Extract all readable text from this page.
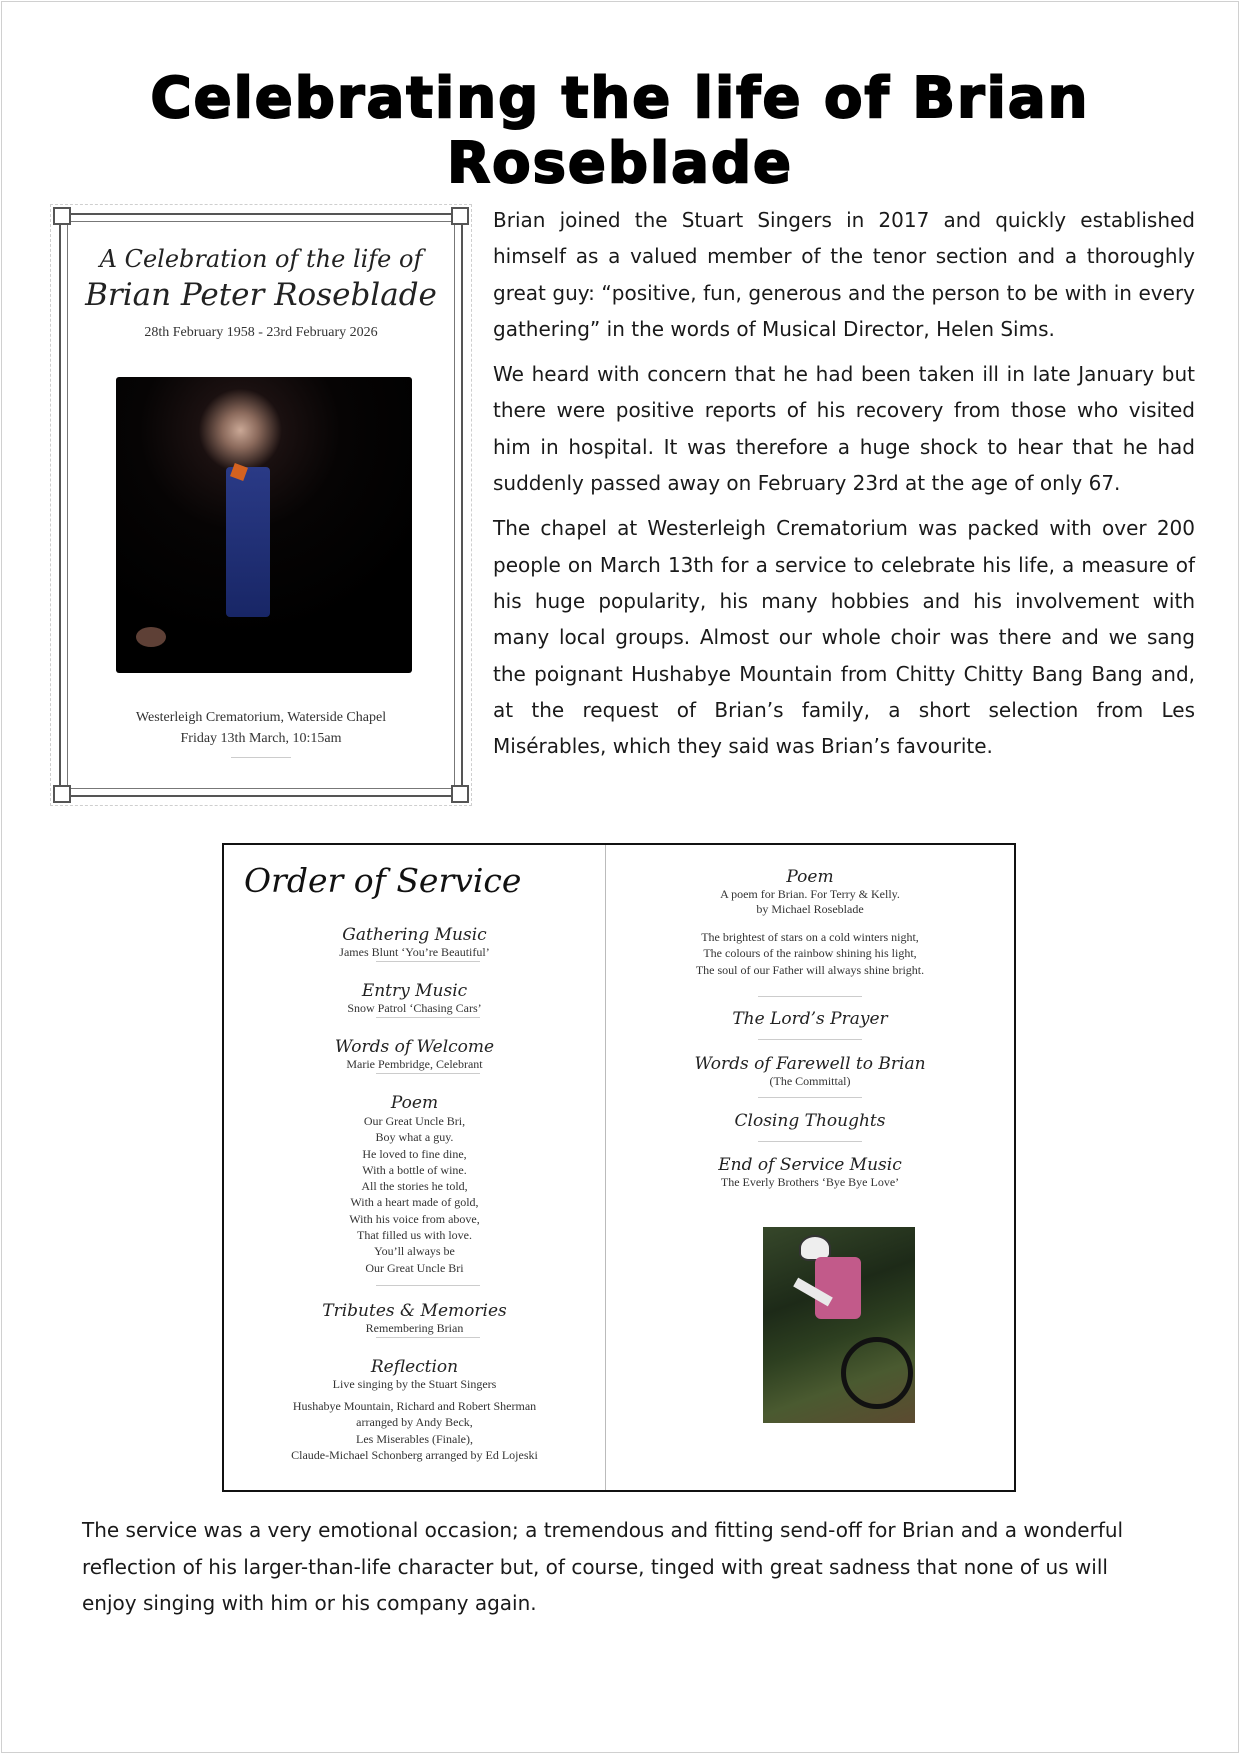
Celebrating the life of Brian Roseblade
A Celebration of the life of
Brian Peter Roseblade
28th February 1958 - 23rd February 2026
Westerleigh Crematorium, Waterside Chapel
Friday 13th March, 10:15am

Brian joined the Stuart Singers in 2017 and quickly established himself as a valued member of the tenor section and a thoroughly great guy: “positive, fun, generous and the person to be with in every gathering” in the words of Musical Director, Helen Sims.

We heard with concern that he had been taken ill in late January but there were positive reports of his recovery from those who visited him in hospital. It was therefore a huge shock to hear that he had suddenly passed away on February 23rd at the age of only 67.

The chapel at Westerleigh Crematorium was packed with over 200 people on March 13th for a service to celebrate his life, a measure of his huge popularity, his many hobbies and his involvement with many local groups. Almost our whole choir was there and we sang the poignant Hushabye Mountain from Chitty Chitty Bang Bang and, at the request of Brian’s family, a short selection from Les Misérables, which they said was Brian’s favourite.

Order of Service
Gathering Music
James Blunt ‘You’re Beautiful’
Entry Music
Snow Patrol ‘Chasing Cars’
Words of Welcome
Marie Pembridge, Celebrant
Poem
Our Great Uncle Bri,
Boy what a guy.
He loved to fine dine,
With a bottle of wine.
All the stories he told,
With a heart made of gold,
With his voice from above,
That filled us with love.
You’ll always be
Our Great Uncle Bri
Tributes & Memories
Remembering Brian
Reflection
Live singing by the Stuart Singers
Hushabye Mountain, Richard and Robert Sherman
arranged by Andy Beck,
Les Miserables (Finale),
Claude-Michael Schonberg arranged by Ed Lojeski
Poem
A poem for Brian. For Terry & Kelly.
by Michael Roseblade
The brightest of stars on a cold winters night,
The colours of the rainbow shining his light,
The soul of our Father will always shine bright.
The Lord’s Prayer
Words of Farewell to Brian
(The Committal)
Closing Thoughts
End of Service Music
The Everly Brothers ‘Bye Bye Love’

The service was a very emotional occasion; a tremendous and fitting send-off for Brian and a wonderful reflection of his larger-than-life character but, of course, tinged with great sadness that none of us will enjoy singing with him or his company again.
